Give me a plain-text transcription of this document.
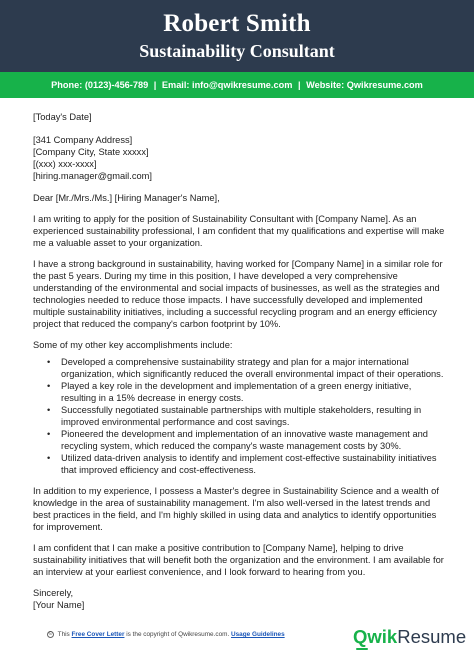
Robert Smith
Sustainability Consultant
Phone: (0123)-456-789 | Email: info@qwikresume.com | Website: Qwikresume.com
[Today's Date]
[341 Company Address]
[Company City, State xxxxx]
[(xxx) xxx-xxxx]
[hiring.manager@gmail.com]

Dear [Mr./Mrs./Ms.] [Hiring Manager's Name],

I am writing to apply for the position of Sustainability Consultant with [Company Name]. As an experienced sustainability professional, I am confident that my qualifications and expertise will make me a valuable asset to your organization.

I have a strong background in sustainability, having worked for [Company Name] in a similar role for the past 5 years. During my time in this position, I have developed a very comprehensive understanding of the environmental and social impacts of businesses, as well as the strategies and technologies needed to reduce those impacts. I have successfully developed and implemented multiple sustainability initiatives, including a successful recycling program and an energy efficiency project that reduced the company's carbon footprint by 10%.

Some of my other key accomplishments include:

• Developed a comprehensive sustainability strategy and plan for a major international organization, which significantly reduced the overall environmental impact of their operations.
• Played a key role in the development and implementation of a green energy initiative, resulting in a 15% decrease in energy costs.
• Successfully negotiated sustainable partnerships with multiple stakeholders, resulting in improved environmental performance and cost savings.
• Pioneered the development and implementation of an innovative waste management and recycling system, which reduced the company's waste management costs by 30%.
• Utilized data-driven analysis to identify and implement cost-effective sustainability initiatives that improved efficiency and cost-effectiveness.

In addition to my experience, I possess a Master's degree in Sustainability Science and a wealth of knowledge in the area of sustainability management. I'm also well-versed in the latest trends and best practices in the field, and I'm highly skilled in using data and analytics to identify opportunities for improvement.

I am confident that I can make a positive contribution to [Company Name], helping to drive sustainability initiatives that will benefit both the organization and the environment. I am available for an interview at your earliest convenience, and I look forward to hearing from you.

Sincerely,
[Your Name]
© This Free Cover Letter is the copyright of Qwikresume.com. Usage Guidelines	QwikResume
